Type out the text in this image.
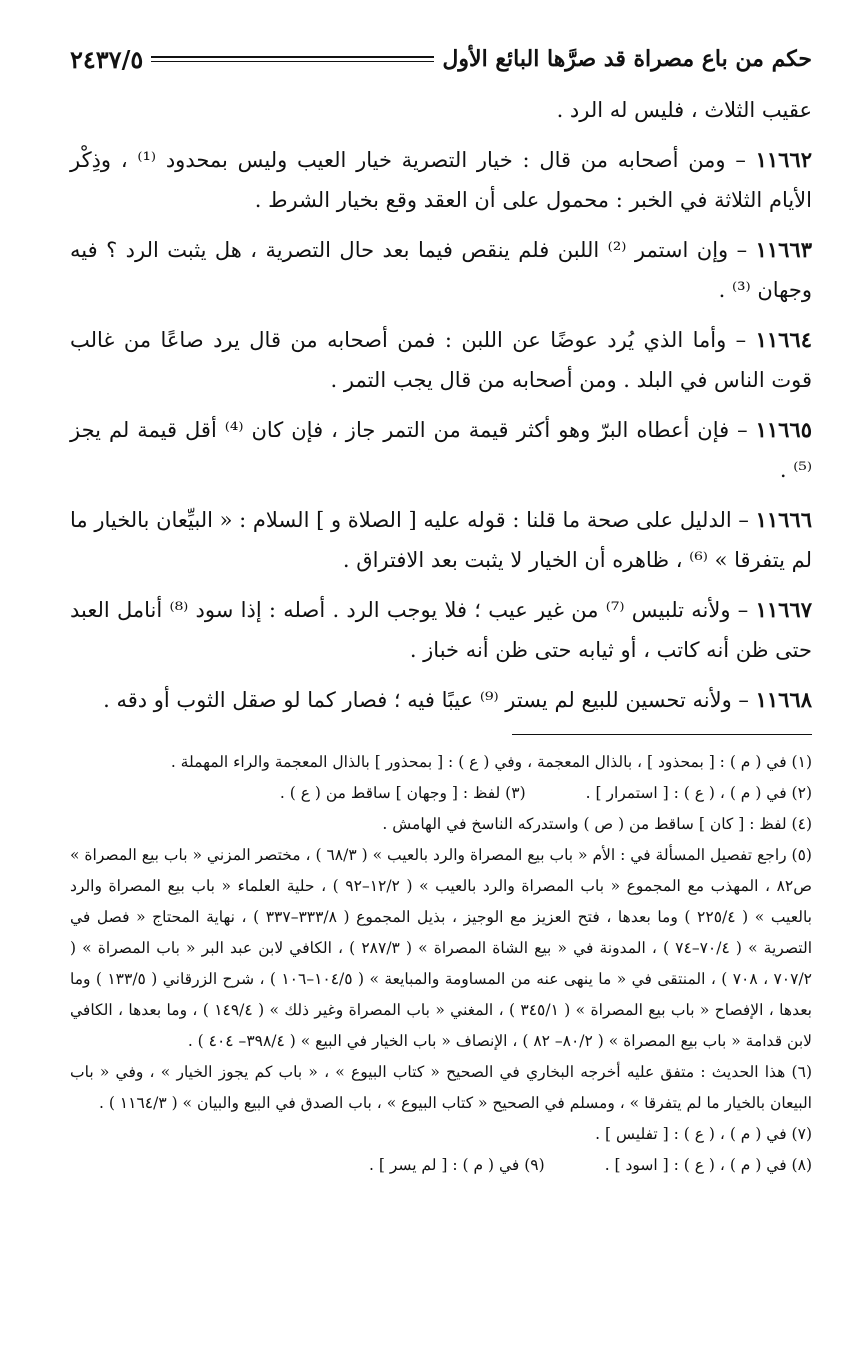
حكم من باع مصراة قد صرَّها البائع الأول
٢٤٣٧/٥

عقيب الثلاث ، فليس له الرد .

١١٦٦٢ – ومن أصحابه من قال : خيار التصرية خيار العيب وليس بمحدود ⁽¹⁾ ، وذِكْر الأيام الثلاثة في الخبر : محمول على أن العقد وقع بخيار الشرط .

١١٦٦٣ – وإن استمر ⁽²⁾ اللبن فلم ينقص فيما بعد حال التصرية ، هل يثبت الرد ؟ فيه وجهان ⁽³⁾ .

١١٦٦٤ – وأما الذي يُرد عوضًا عن اللبن : فمن أصحابه من قال يرد صاعًا من غالب قوت الناس في البلد . ومن أصحابه من قال يجب التمر .

١١٦٦٥ – فإن أعطاه البرّ وهو أكثر قيمة من التمر جاز ، فإن كان ⁽⁴⁾ أقل قيمة لم يجز ⁽⁵⁾ .

١١٦٦٦ – الدليل على صحة ما قلنا : قوله عليه [ الصلاة و ] السلام : « البيِّعان بالخيار ما لم يتفرقا » ⁽⁶⁾ ، ظاهره أن الخيار لا يثبت بعد الافتراق .

١١٦٦٧ – ولأنه تلبيس ⁽⁷⁾ من غير عيب ؛ فلا يوجب الرد . أصله : إذا سود ⁽⁸⁾ أنامل العبد حتى ظن أنه كاتب ، أو ثيابه حتى ظن أنه خباز .

١١٦٦٨ – ولأنه تحسين للبيع لم يستر ⁽⁹⁾ عيبًا فيه ؛ فصار كما لو صقل الثوب أو دقه .

(١) في ( م ) : [ بمحذود ] ، بالذال المعجمة ، وفي ( ع ) : [ بمحذور ] بالذال المعجمة والراء المهملة .

(٢) في ( م ) ، ( ع ) : [ استمرار ] .

(٣) لفظ : [ وجهان ] ساقط من ( ع ) .

(٤) لفظ : [ كان ] ساقط من ( ص ) واستدركه الناسخ في الهامش .

(٥) راجع تفصيل المسألة في : الأم « باب بيع المصراة والرد بالعيب » ( ٦٨/٣ ) ، مختصر المزني « باب بيع المصراة » ص٨٢ ، المهذب مع المجموع « باب المصراة والرد بالعيب » ( ١٢/٢–٩٢ ) ، حلية العلماء « باب بيع المصراة والرد بالعيب » ( ٢٢٥/٤ ) وما بعدها ، فتح العزيز مع الوجيز ، بذيل المجموع ( ٣٣٣/٨–٣٣٧ ) ، نهاية المحتاج « فصل في التصرية » ( ٧٠/٤–٧٤ ) ، المدونة في « بيع الشاة المصراة » ( ٢٨٧/٣ ) ، الكافي لابن عبد البر « باب المصراة » ( ٧٠٧/٢ ، ٧٠٨ ) ، المنتقى في « ما ينهى عنه من المساومة والمبايعة » ( ١٠٤/٥–١٠٦ ) ، شرح الزرقاني ( ١٣٣/٥ ) وما بعدها ، الإفصاح « باب بيع المصراة » ( ٣٤٥/١ ) ، المغني « باب المصراة وغير ذلك » ( ١٤٩/٤ ) ، وما بعدها ، الكافي لابن قدامة « باب بيع المصراة » ( ٨٠/٢– ٨٢ ) ، الإنصاف « باب الخيار في البيع » ( ٣٩٨/٤– ٤٠٤ ) .

(٦) هذا الحديث : متفق عليه أخرجه البخاري في الصحيح « كتاب البيوع » ، « باب كم يجوز الخيار » ، وفي « باب البيعان بالخيار ما لم يتفرقا » ، ومسلم في الصحيح « كتاب البيوع » ، باب الصدق في البيع والبيان » ( ١١٦٤/٣ ) .

(٧) في ( م ) ، ( ع ) : [ تفليس ] .

(٨) في ( م ) ، ( ع ) : [ اسود ] .

(٩) في ( م ) : [ لم يسر ] .
